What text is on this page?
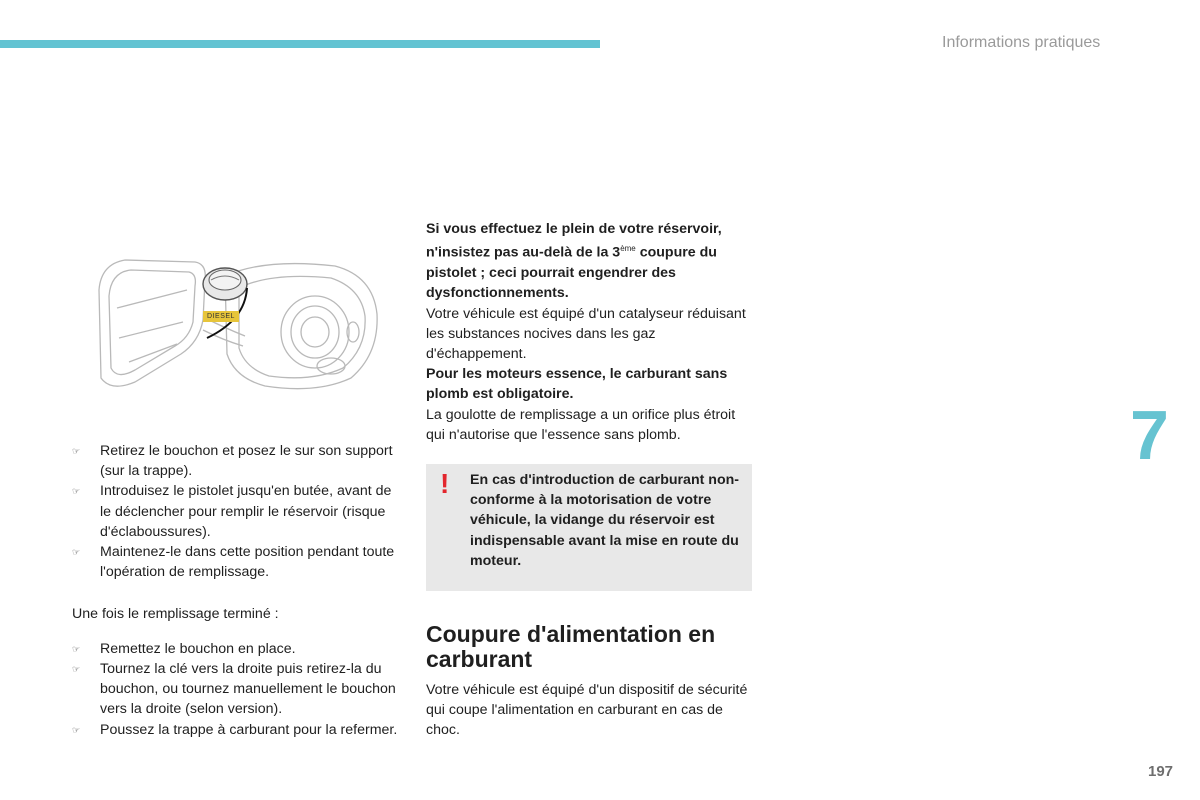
Informations pratiques
7
197
DIESEL
☞ Retirez le bouchon et posez le sur son support (sur la trappe).
☞ Introduisez le pistolet jusqu'en butée, avant de le déclencher pour remplir le réservoir (risque d'éclaboussures).
☞ Maintenez-le dans cette position pendant toute l'opération de remplissage.

Une fois le remplissage terminé :

☞ Remettez le bouchon en place.
☞ Tournez la clé vers la droite puis retirez-la du bouchon, ou tournez manuellement le bouchon vers la droite (selon version).
☞ Poussez la trappe à carburant pour la refermer.

Si vous effectuez le plein de votre réservoir, n'insistez pas au-delà de la 3ème coupure du pistolet ; ceci pourrait engendrer des dysfonctionnements.

Votre véhicule est équipé d'un catalyseur réduisant les substances nocives dans les gaz d'échappement.

Pour les moteurs essence, le carburant sans plomb est obligatoire.

La goulotte de remplissage a un orifice plus étroit qui n'autorise que l'essence sans plomb.

! En cas d'introduction de carburant non-conforme à la motorisation de votre véhicule, la vidange du réservoir est indispensable avant la mise en route du moteur.
Coupure d'alimentation en carburant

Votre véhicule est équipé d'un dispositif de sécurité qui coupe l'alimentation en carburant en cas de choc.
